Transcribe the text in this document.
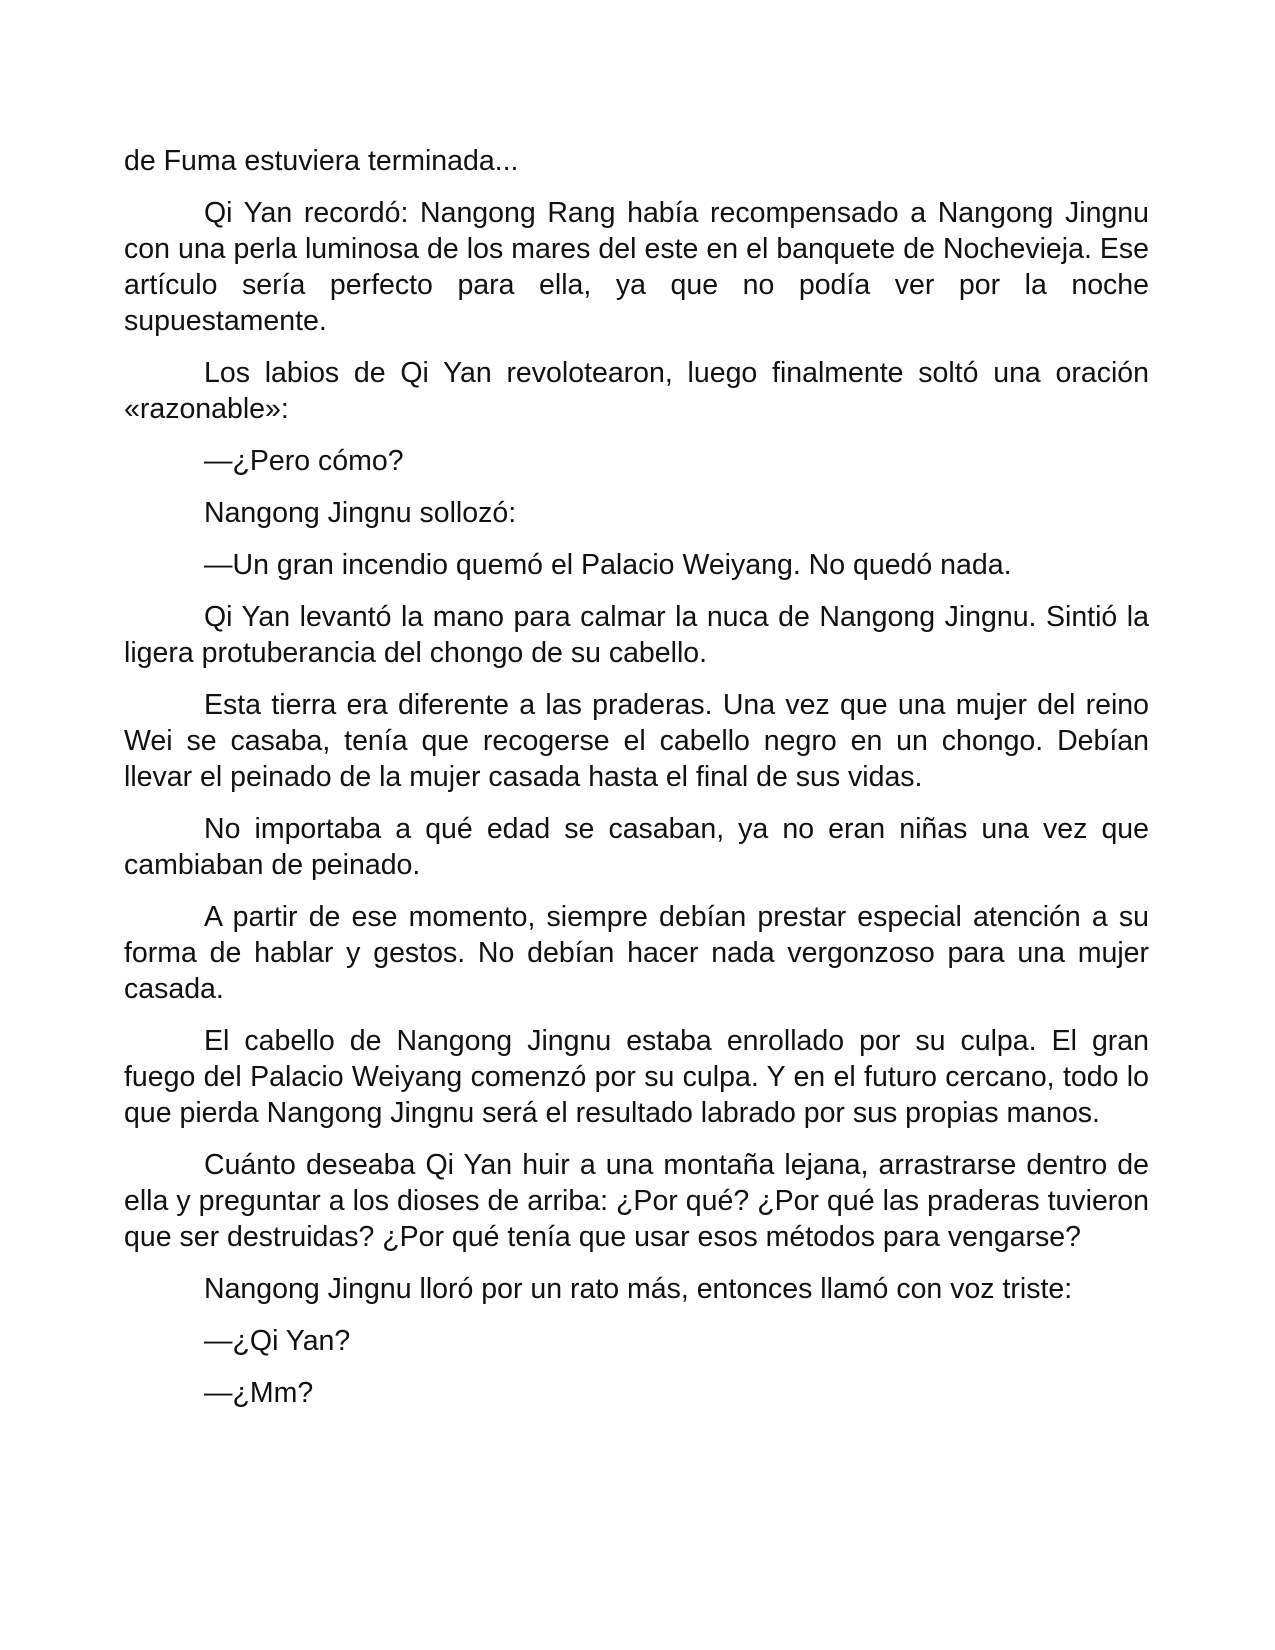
de Fuma estuviera terminada...

Qi Yan recordó: Nangong Rang había recompensado a Nangong Jingnu con una perla luminosa de los mares del este en el banquete de Nochevieja. Ese artículo sería perfecto para ella, ya que no podía ver por la noche supuestamente.

Los labios de Qi Yan revolotearon, luego finalmente soltó una oración «razonable»:

—¿Pero cómo?

Nangong Jingnu sollozó:

—Un gran incendio quemó el Palacio Weiyang. No quedó nada.

Qi Yan levantó la mano para calmar la nuca de Nangong Jingnu. Sintió la ligera protuberancia del chongo de su cabello.

Esta tierra era diferente a las praderas. Una vez que una mujer del reino Wei se casaba, tenía que recogerse el cabello negro en un chongo. Debían llevar el peinado de la mujer casada hasta el final de sus vidas.

No importaba a qué edad se casaban, ya no eran niñas una vez que cambiaban de peinado.

A partir de ese momento, siempre debían prestar especial atención a su forma de hablar y gestos. No debían hacer nada vergonzoso para una mujer casada.

El cabello de Nangong Jingnu estaba enrollado por su culpa. El gran fuego del Palacio Weiyang comenzó por su culpa. Y en el futuro cercano, todo lo que pierda Nangong Jingnu será el resultado labrado por sus propias manos.

Cuánto deseaba Qi Yan huir a una montaña lejana, arrastrarse dentro de ella y preguntar a los dioses de arriba: ¿Por qué? ¿Por qué las praderas tuvieron que ser destruidas? ¿Por qué tenía que usar esos métodos para vengarse?

Nangong Jingnu lloró por un rato más, entonces llamó con voz triste:

—¿Qi Yan?

—¿Mm?
